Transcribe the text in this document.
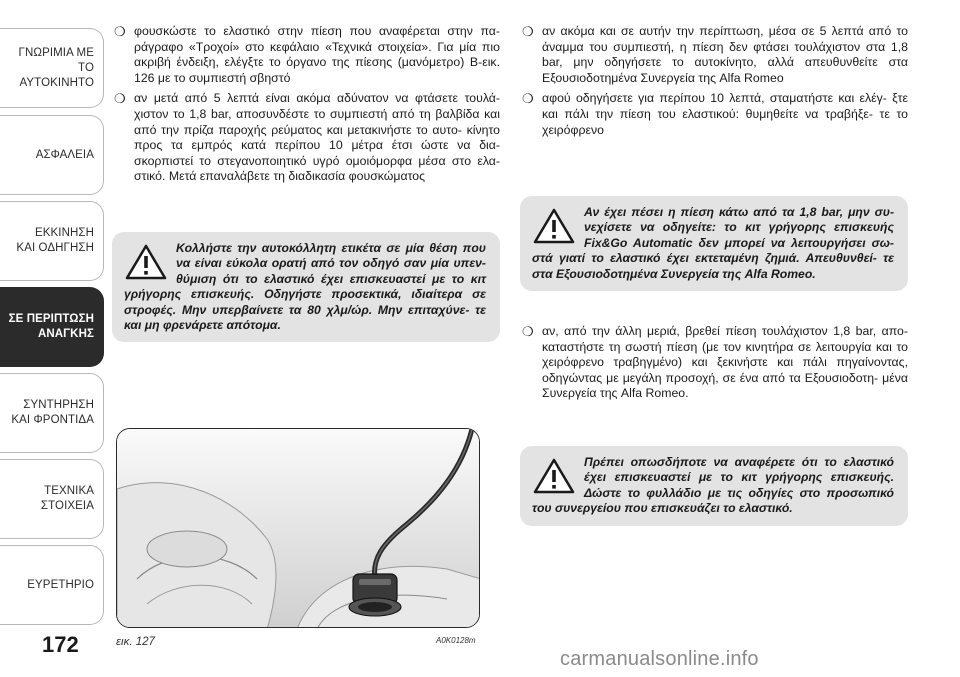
ΓΝΩΡΙΜΙΑ ΜΕ ΤΟ
ΑΥΤΟΚΙΝΗΤΟ
ΑΣΦΑΛΕΙΑ
ΕΚΚΙΝΗΣΗ
ΚΑΙ ΟΔΗΓΗΣΗ
ΣΕ ΠΕΡΙΠΤΩΣΗ
ΑΝΑΓΚΗΣ
ΣΥΝΤΗΡΗΣΗ
ΚΑΙ ΦΡΟΝΤΙΔΑ
ΤΕΧΝΙΚΑ
ΣΤΟΙΧΕΙΑ
ΕΥΡΕΤΗΡΙΟ
172
❍ φουσκώστε το ελαστικό στην πίεση που αναφέρεται στην πα- ράγραφο «Τροχοί» στο κεφάλαιο «Τεχνικά στοιχεία». Για μία πιο ακριβή ένδειξη, ελέγξτε το όργανο της πίεσης (μανόμετρο) Β-εικ. 126 με το συμπιεστή σβηστό
❍ αν μετά από 5 λεπτά είναι ακόμα αδύνατον να φτάσετε τουλά- χιστον το 1,8 bar, αποσυνδέστε το συμπιεστή από τη βαλβίδα και από την πρίζα παροχής ρεύματος και μετακινήστε το αυτο- κίνητο προς τα εμπρός κατά περίπου 10 μέτρα έτσι ώστε να δια- σκορπιστεί το στεγανοποιητικό υγρό ομοιόμορφα μέσα στο ελα- στικό. Μετά επαναλάβετε τη διαδικασία φουσκώματος
Κολλήστε την αυτοκόλλητη ετικέτα σε μία θέση που να είναι εύκολα ορατή από τον οδηγό σαν μία υπεν- θύμιση ότι το ελαστικό έχει επισκευαστεί με το κιτ γρήγορης επισκευής. Οδηγήστε προσεκτικά, ιδιαίτερα σε στροφές. Μην υπερβαίνετε τα 80 χλμ/ώρ. Μην επιταχύνε- τε και μη φρενάρετε απότομα.
εικ. 127	A0K0128m
❍ αν ακόμα και σε αυτήν την περίπτωση, μέσα σε 5 λεπτά από το άναμμα του συμπιεστή, η πίεση δεν φτάσει τουλάχιστον στα 1,8 bar, μην οδηγήσετε το αυτοκίνητο, αλλά απευθυνθείτε στα Εξουσιοδοτημένα Συνεργεία της Alfa Romeo
❍ αφού οδηγήσετε για περίπου 10 λεπτά, σταματήστε και ελέγ- ξτε και πάλι την πίεση του ελαστικού: θυμηθείτε να τραβήξε- τε το χειρόφρενο
Αν έχει πέσει η πίεση κάτω από τα 1,8 bar, μην συ- νεχίσετε να οδηγείτε: το κιτ γρήγορης επισκευής Fix&Go Automatic δεν μπορεί να λειτουργήσει σω- στά γιατί το ελαστικό έχει εκτεταμένη ζημιά. Απευθυνθεί- τε στα Εξουσιοδοτημένα Συνεργεία της Alfa Romeo.
❍ αν, από την άλλη μεριά, βρεθεί πίεση τουλάχιστον 1,8 bar, απο- καταστήστε τη σωστή πίεση (με τον κινητήρα σε λειτουργία και το χειρόφρενο τραβηγμένο) και ξεκινήστε και πάλι πηγαίνοντας, οδηγώντας με μεγάλη προσοχή, σε ένα από τα Εξουσιοδοτη- μένα Συνεργεία της Alfa Romeo.
Πρέπει οπωσδήποτε να αναφέρετε ότι το ελαστικό έχει επισκευαστεί με το κιτ γρήγορης επισκευής. Δώστε το φυλλάδιο με τις οδηγίες στο προσωπικό του συνεργείου που επισκευάζει το ελαστικό.
carmanualsonline.info
